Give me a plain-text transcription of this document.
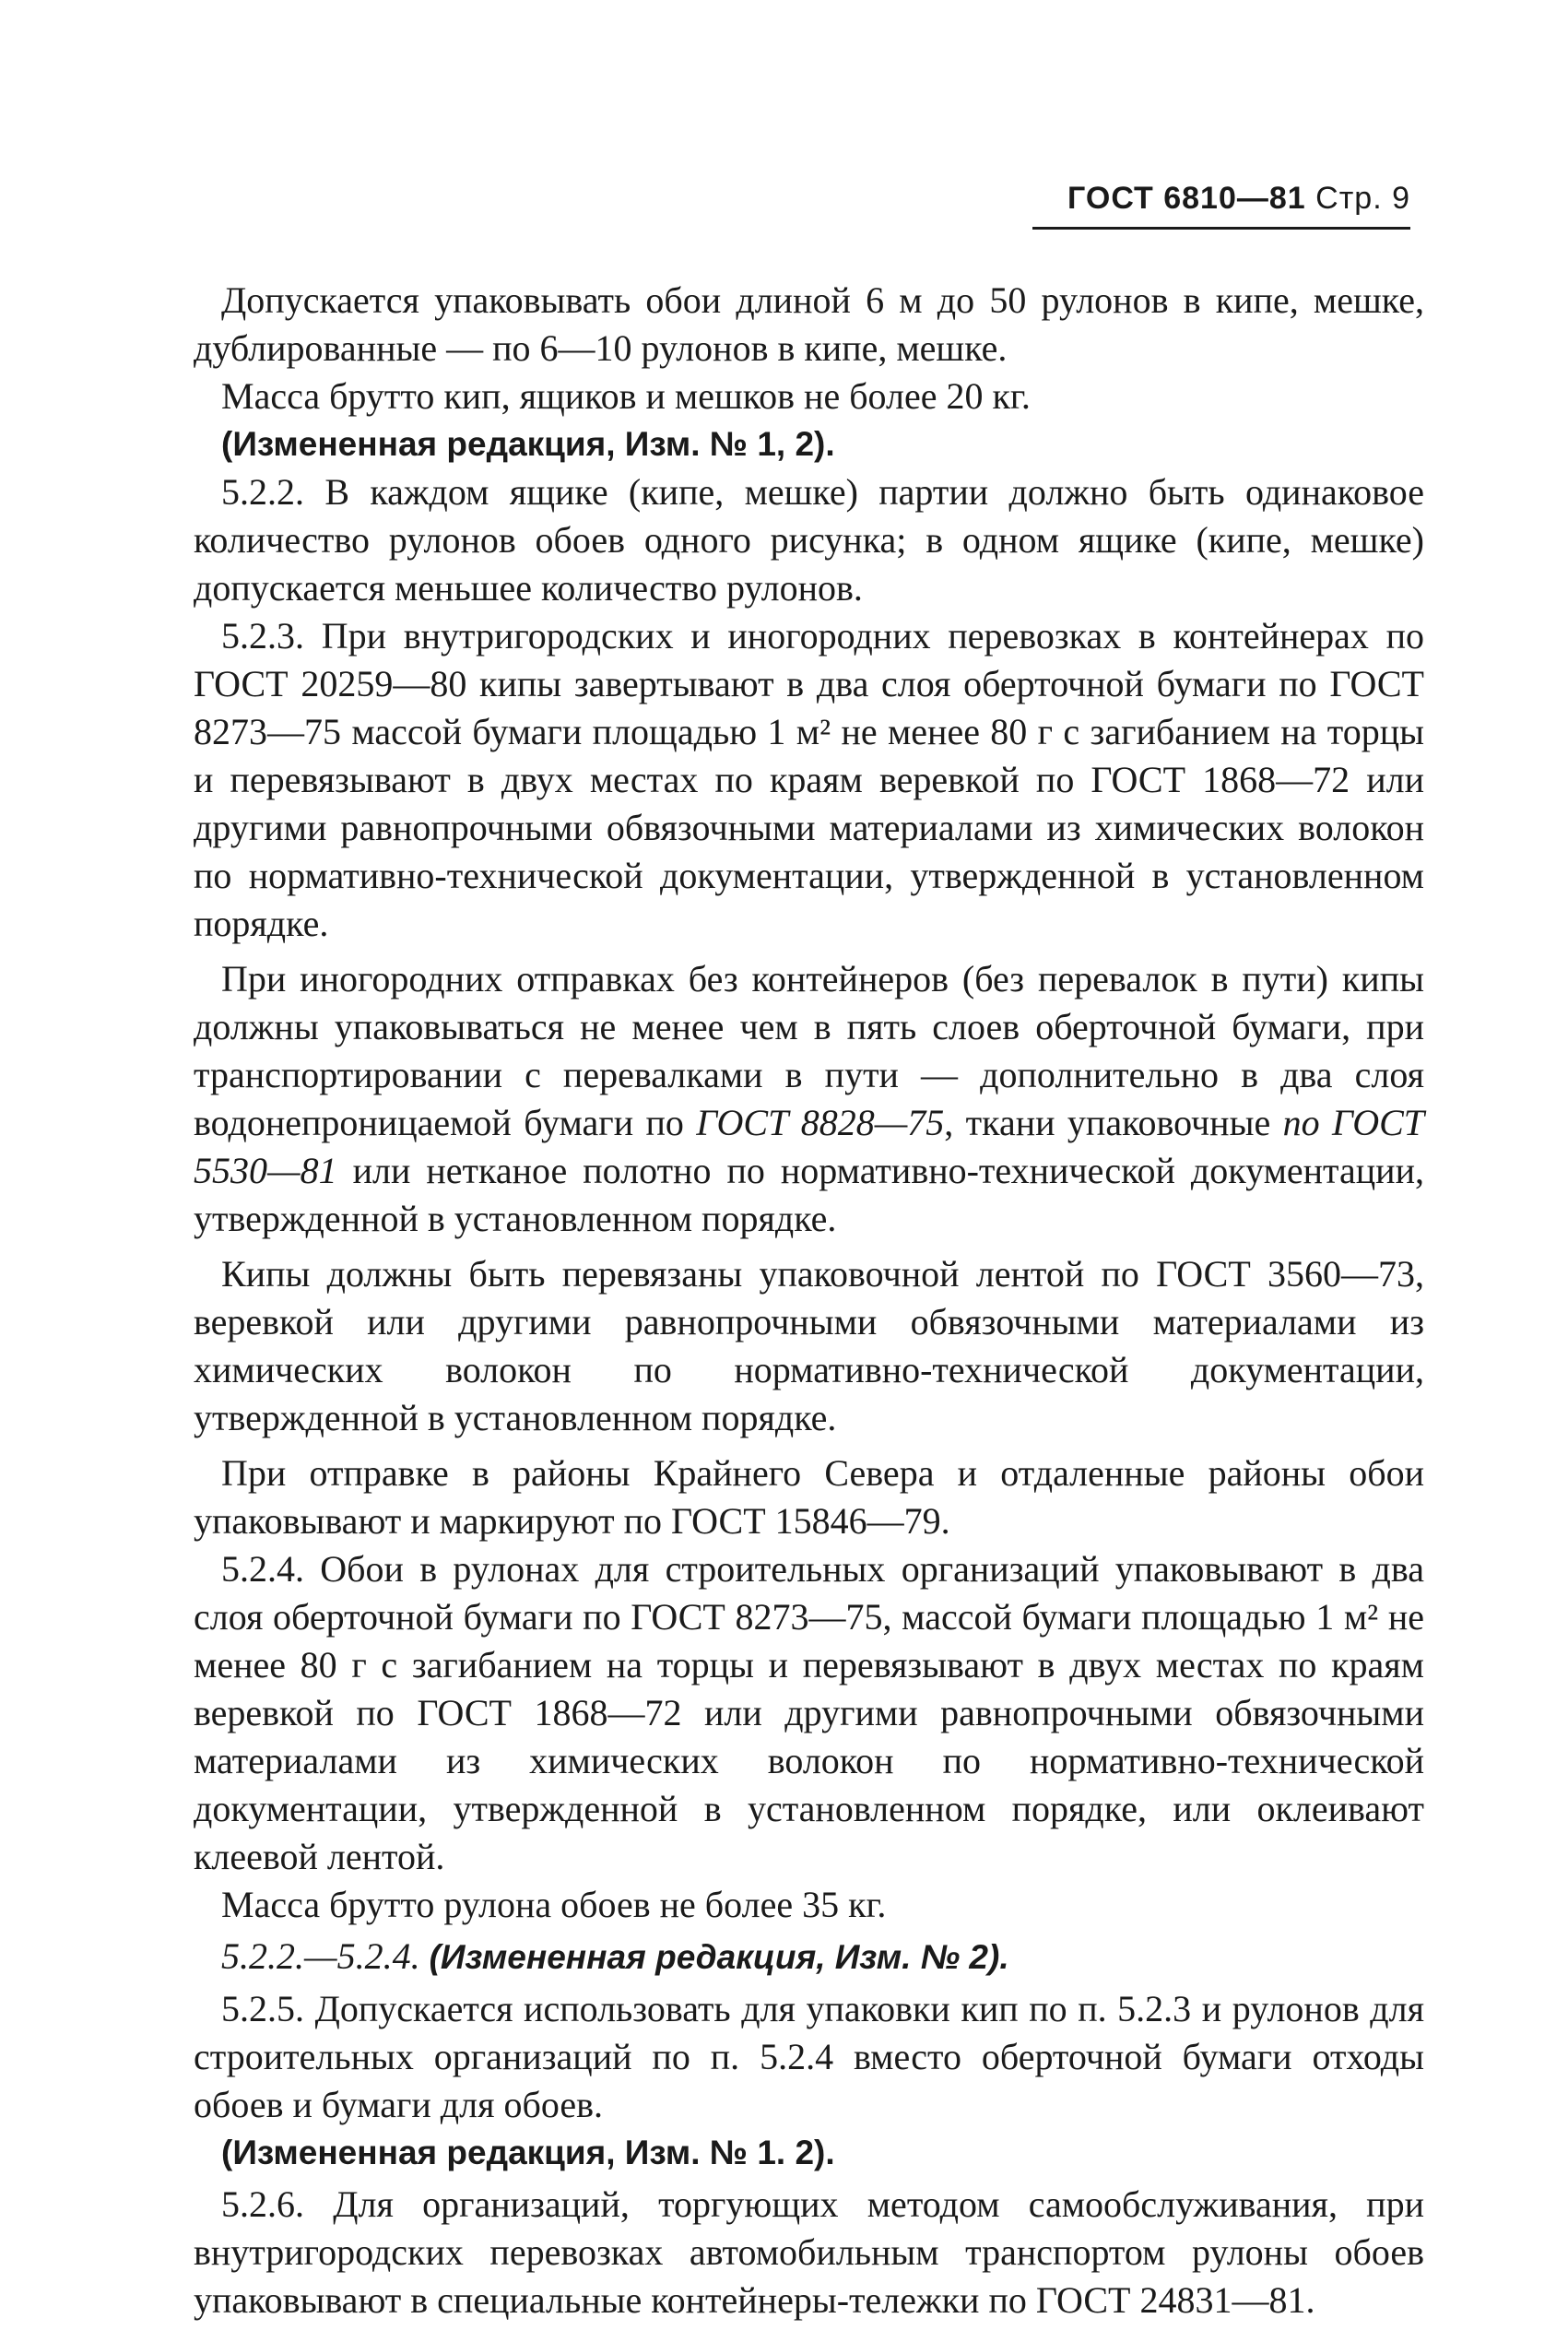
ГОСТ 6810—81 Стр. 9

Допускается упаковывать обои длиной 6 м до 50 рулонов в кипе, мешке, дублированные — по 6—10 рулонов в кипе, мешке.

Масса брутто кип, ящиков и мешков не более 20 кг.

(Измененная редакция, Изм. № 1, 2).

5.2.2. В каждом ящике (кипе, мешке) партии должно быть одинаковое количество рулонов обоев одного рисунка; в одном ящике (кипе, мешке) допускается меньшее количество рулонов.

5.2.3. При внутригородских и иногородних перевозках в контейнерах по ГОСТ 20259—80 кипы завертывают в два слоя оберточной бумаги по ГОСТ 8273—75 массой бумаги площадью 1 м² не менее 80 г с загибанием на торцы и перевязывают в двух местах по краям веревкой по ГОСТ 1868—72 или другими равнопрочными обвязочными материалами из химических волокон по нормативно-технической документации, утвержденной в установленном порядке.

При иногородних отправках без контейнеров (без перевалок в пути) кипы должны упаковываться не менее чем в пять слоев оберточной бумаги, при транспортировании с перевалками в пути — дополнительно в два слоя водонепроницаемой бумаги по ГОСТ 8828—75, ткани упаковочные по ГОСТ 5530—81 или нетканое полотно по нормативно-технической документации, утвержденной в установленном порядке.

Кипы должны быть перевязаны упаковочной лентой по ГОСТ 3560—73, веревкой или другими равнопрочными обвязочными материалами из химических волокон по нормативно-технической документации, утвержденной в установленном порядке.

При отправке в районы Крайнего Севера и отдаленные районы обои упаковывают и маркируют по ГОСТ 15846—79.

5.2.4. Обои в рулонах для строительных организаций упаковывают в два слоя оберточной бумаги по ГОСТ 8273—75, массой бумаги площадью 1 м² не менее 80 г с загибанием на торцы и перевязывают в двух местах по краям веревкой по ГОСТ 1868—72 или другими равнопрочными обвязочными материалами из химических волокон по нормативно-технической документации, утвержденной в установленном порядке, или оклеивают клеевой лентой.

Масса брутто рулона обоев не более 35 кг.

5.2.2.—5.2.4. (Измененная редакция, Изм. № 2).

5.2.5. Допускается использовать для упаковки кип по п. 5.2.3 и рулонов для строительных организаций по п. 5.2.4 вместо оберточной бумаги отходы обоев и бумаги для обоев.

(Измененная редакция, Изм. № 1. 2).

5.2.6. Для организаций, торгующих методом самообслуживания, при внутригородских перевозках автомобильным транспортом рулоны обоев упаковывают в специальные контейнеры-тележки по ГОСТ 24831—81.
